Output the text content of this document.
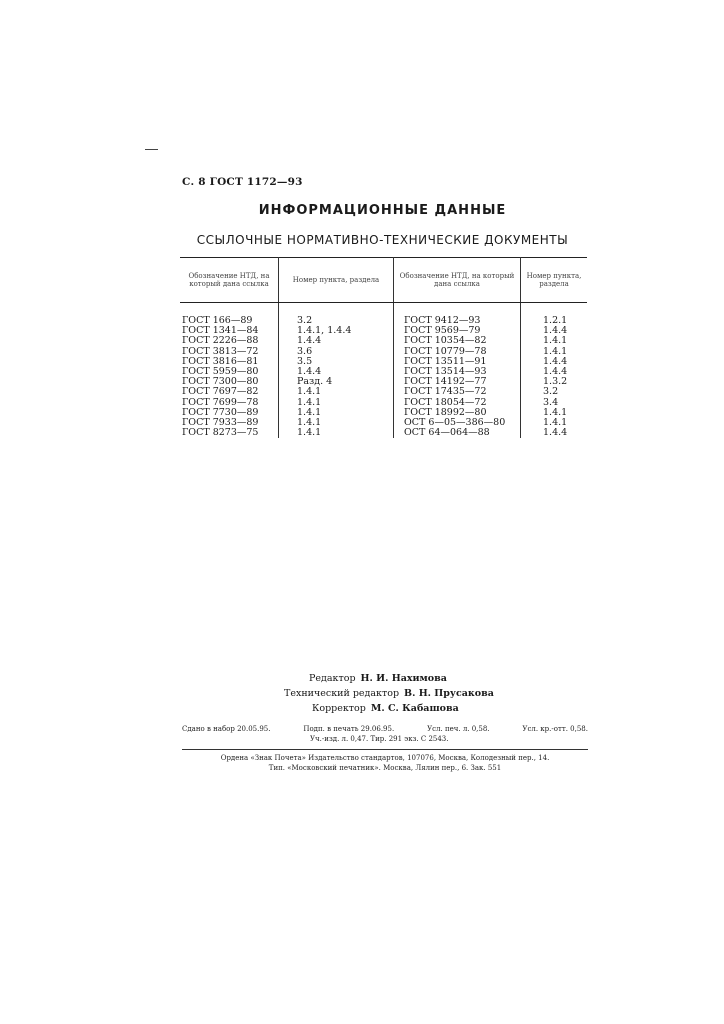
С. 8 ГОСТ 1172—93
ИНФОРМАЦИОННЫЕ ДАННЫЕ
ССЫЛОЧНЫЕ НОРМАТИВНО-ТЕХНИЧЕСКИЕ ДОКУМЕНТЫ
Обозначение НТД, на который дана ссылка	Номер пункта, раздела	Обозначение НТД, на который дана ссылка	Номер пункта, раздела
ГОСТ 166—89	3.2	ГОСТ 9412—93	1.2.1
ГОСТ 1341—84	1.4.1, 1.4.4	ГОСТ 9569—79	1.4.4
ГОСТ 2226—88	1.4.4	ГОСТ 10354—82	1.4.1
ГОСТ 3813—72	3.6	ГОСТ 10779—78	1.4.1
ГОСТ 3816—81	3.5	ГОСТ 13511—91	1.4.4
ГОСТ 5959—80	1.4.4	ГОСТ 13514—93	1.4.4
ГОСТ 7300—80	Разд. 4	ГОСТ 14192—77	1.3.2
ГОСТ 7697—82	1.4.1	ГОСТ 17435—72	3.2
ГОСТ 7699—78	1.4.1	ГОСТ 18054—72	3.4
ГОСТ 7730—89	1.4.1	ГОСТ 18992—80	1.4.1
ГОСТ 7933—89	1.4.1	ОСТ 6—05—386—80	1.4.1
ГОСТ 8273—75	1.4.1	ОСТ 64—064—88	1.4.4
Редактор Н. И. Нахимова
Технический редактор В. Н. Прусакова
Корректор М. С. Кабашова
Сдано в набор 20.05.95.	Подп. в печать 29.06.95.	Усл. печ. л. 0,58.	Усл. кр.-отт. 0,58.
Уч.-изд. л. 0,47. Тир. 291 экз. С 2543.
Ордена «Знак Почета» Издательство стандартов, 107076, Москва, Колодезный пер., 14.
Тип. «Московский печатник». Москва, Лялин пер., 6. Зак. 551
